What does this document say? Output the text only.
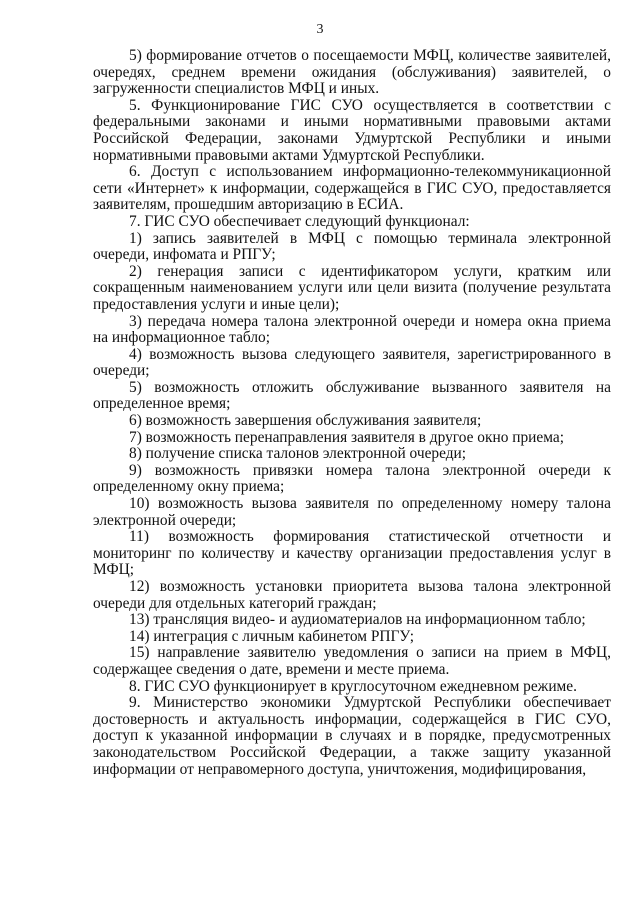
3

5) формирование отчетов о посещаемости МФЦ, количестве заявителей, очередях, среднем времени ожидания (обслуживания) заявителей, о загруженности специалистов МФЦ и иных.

5. Функционирование ГИС СУО осуществляется в соответствии с федеральными законами и иными нормативными правовыми актами Российской Федерации, законами Удмуртской Республики и иными нормативными правовыми актами Удмуртской Республики.

6. Доступ с использованием информационно-телекоммуникационной сети «Интернет» к информации, содержащейся в ГИС СУО, предоставляется заявителям, прошедшим авторизацию в ЕСИА.

7. ГИС СУО обеспечивает следующий функционал:

1) запись заявителей в МФЦ с помощью терминала электронной очереди, инфомата и РПГУ;

2) генерация записи с идентификатором услуги, кратким или сокращенным наименованием услуги или цели визита (получение результата предоставления услуги и иные цели);

3) передача номера талона электронной очереди и номера окна приема на информационное табло;

4) возможность вызова следующего заявителя, зарегистрированного в очереди;

5) возможность отложить обслуживание вызванного заявителя на определенное время;

6) возможность завершения обслуживания заявителя;

7) возможность перенаправления заявителя в другое окно приема;

8) получение списка талонов электронной очереди;

9) возможность привязки номера талона электронной очереди к определенному окну приема;

10) возможность вызова заявителя по определенному номеру талона электронной очереди;

11) возможность формирования статистической отчетности и мониторинг по количеству и качеству организации предоставления услуг в МФЦ;

12) возможность установки приоритета вызова талона электронной очереди для отдельных категорий граждан;

13) трансляция видео- и аудиоматериалов на информационном табло;

14) интеграция с личным кабинетом РПГУ;

15) направление заявителю уведомления о записи на прием в МФЦ, содержащее сведения о дате, времени и месте приема.

8. ГИС СУО функционирует в круглосуточном ежедневном режиме.

9. Министерство экономики Удмуртской Республики обеспечивает достоверность и актуальность информации, содержащейся в ГИС СУО, доступ к указанной информации в случаях и в порядке, предусмотренных законодательством Российской Федерации, а также защиту указанной информации от неправомерного доступа, уничтожения, модифицирования,
